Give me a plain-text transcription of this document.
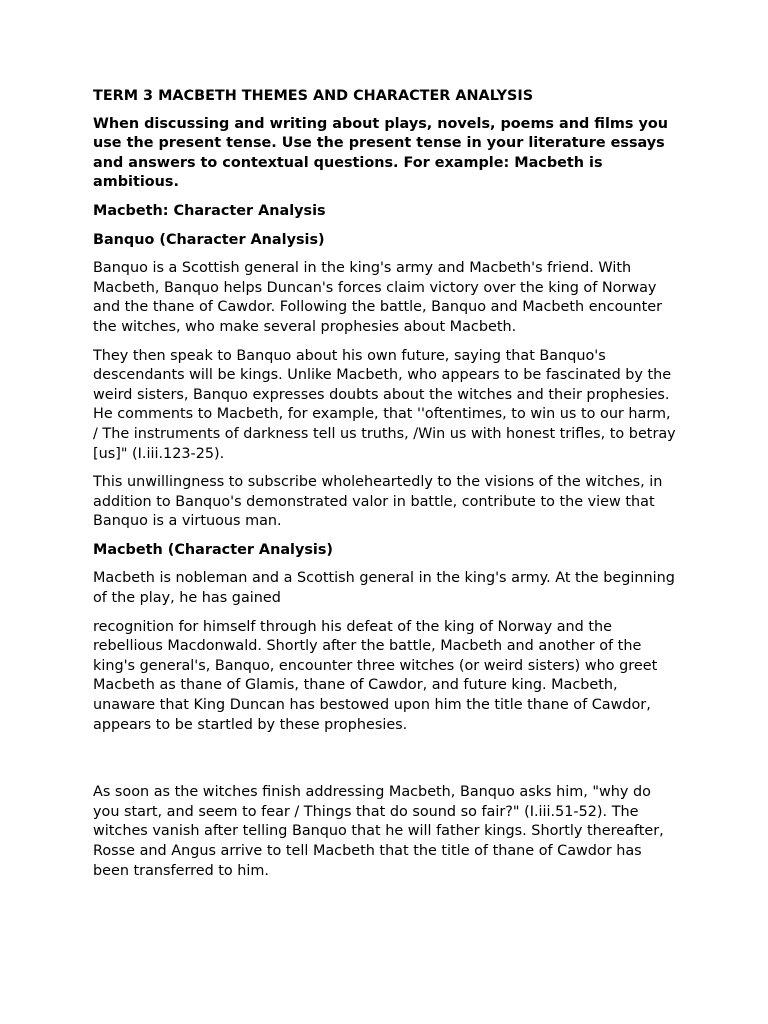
TERM 3 MACBETH THEMES AND CHARACTER ANALYSIS

When discussing and writing about plays, novels, poems and films you use the present tense. Use the present tense in your literature essays and answers to contextual questions. For example: Macbeth is ambitious.

Macbeth: Character Analysis

Banquo (Character Analysis)

Banquo is a Scottish general in the king's army and Macbeth's friend. With Macbeth, Banquo helps Duncan's forces claim victory over the king of Norway and the thane of Cawdor. Following the battle, Banquo and Macbeth encounter the witches, who make several prophesies about Macbeth.

They then speak to Banquo about his own future, saying that Banquo's descendants will be kings. Unlike Macbeth, who appears to be fascinated by the weird sisters, Banquo expresses doubts about the witches and their prophesies. He comments to Macbeth, for example, that ''oftentimes, to win us to our harm, / The instruments of darkness tell us truths, /Win us with honest trifles, to betray [us]" (I.iii.123-25).

This unwillingness to subscribe wholeheartedly to the visions of the witches, in addition to Banquo's demonstrated valor in battle, contribute to the view that Banquo is a virtuous man.

Macbeth (Character Analysis)

Macbeth is nobleman and a Scottish general in the king's army. At the beginning of the play, he has gained

recognition for himself through his defeat of the king of Norway and the rebellious Macdonwald. Shortly after the battle, Macbeth and another of the king's general's, Banquo, encounter three witches (or weird sisters) who greet Macbeth as thane of Glamis, thane of Cawdor, and future king. Macbeth, unaware that King Duncan has bestowed upon him the title thane of Cawdor, appears to be startled by these prophesies.

As soon as the witches finish addressing Macbeth, Banquo asks him, "why do you start, and seem to fear / Things that do sound so fair?" (I.iii.51-52). The witches vanish after telling Banquo that he will father kings. Shortly thereafter, Rosse and Angus arrive to tell Macbeth that the title of thane of Cawdor has been transferred to him.
